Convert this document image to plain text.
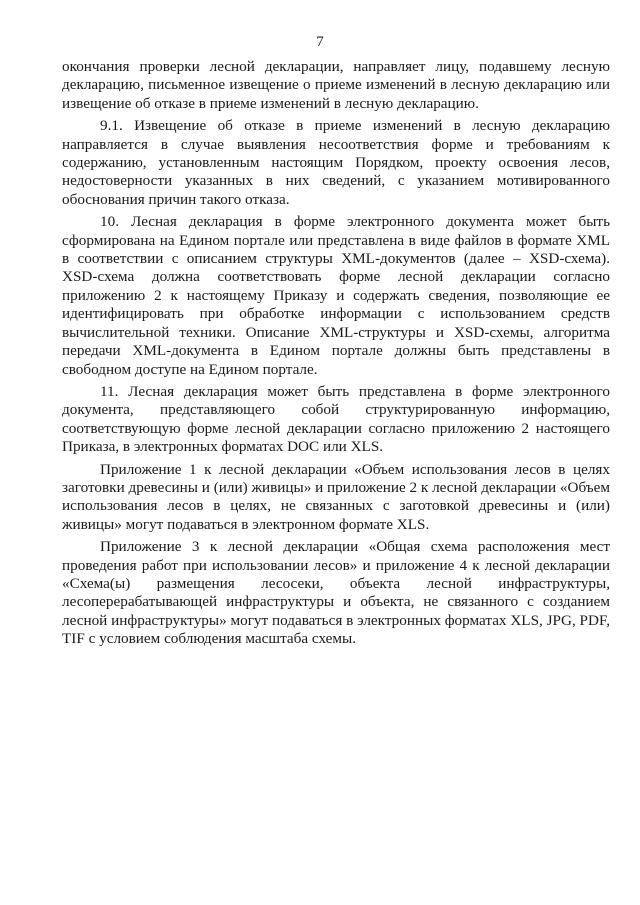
7

окончания проверки лесной декларации, направляет лицу, подавшему лесную декларацию, письменное извещение о приеме изменений в лесную декларацию или извещение об отказе в приеме изменений в лесную декларацию.

9.1. Извещение об отказе в приеме изменений в лесную декларацию направляется в случае выявления несоответствия форме и требованиям к содержанию, установленным настоящим Порядком, проекту освоения лесов, недостоверности указанных в них сведений, с указанием мотивированного обоснования причин такого отказа.

10. Лесная декларация в форме электронного документа может быть сформирована на Едином портале или представлена в виде файлов в формате XML в соответствии с описанием структуры XML-документов (далее – XSD-схема). XSD-схема должна соответствовать форме лесной декларации согласно приложению 2 к настоящему Приказу и содержать сведения, позволяющие ее идентифицировать при обработке информации с использованием средств вычислительной техники. Описание XML-структуры и XSD-схемы, алгоритма передачи XML-документа в Едином портале должны быть представлены в свободном доступе на Едином портале.

11. Лесная декларация может быть представлена в форме электронного документа, представляющего собой структурированную информацию, соответствующую форме лесной декларации согласно приложению 2 настоящего Приказа, в электронных форматах DOC или XLS.

Приложение 1 к лесной декларации «Объем использования лесов в целях заготовки древесины и (или) живицы» и приложение 2 к лесной декларации «Объем использования лесов в целях, не связанных с заготовкой древесины и (или) живицы» могут подаваться в электронном формате XLS.

Приложение 3 к лесной декларации «Общая схема расположения мест проведения работ при использовании лесов» и приложение 4 к лесной декларации «Схема(ы) размещения лесосеки, объекта лесной инфраструктуры, лесоперерабатывающей инфраструктуры и объекта, не связанного с созданием лесной инфраструктуры» могут подаваться в электронных форматах XLS, JPG, PDF, TIF с условием соблюдения масштаба схемы.
